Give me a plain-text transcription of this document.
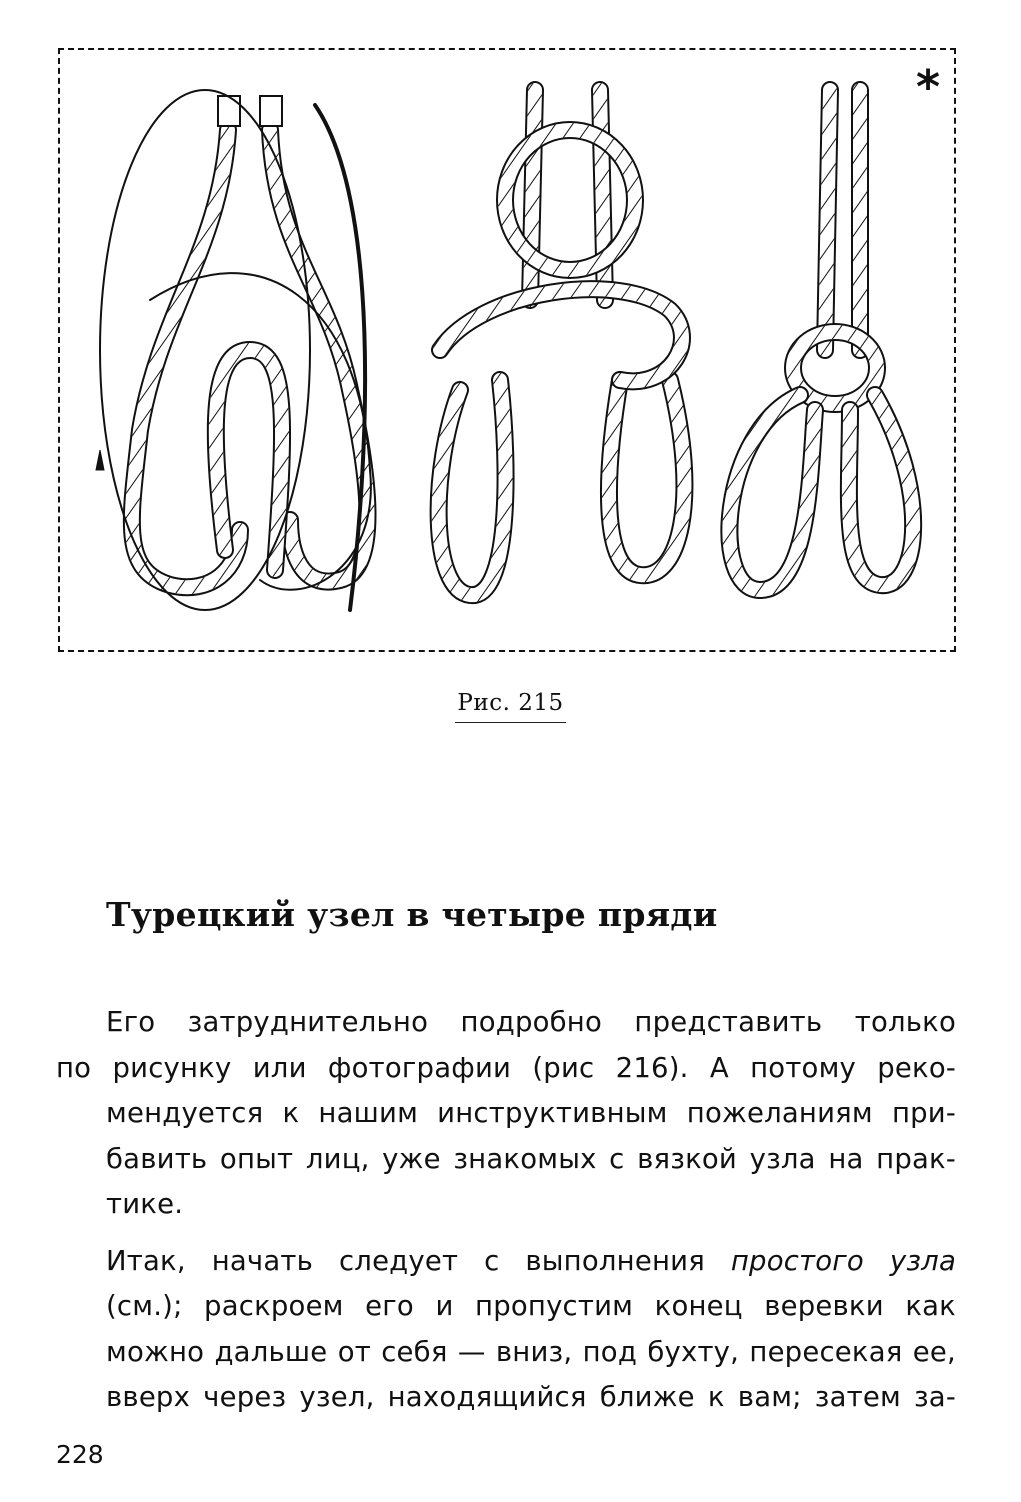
*
Рис. 215
Турецкий узел в четыре пряди

Его затруднительно подробно представить только
по рисунку или фотографии (рис 216). А потому реко-
мендуется к нашим инструктивным пожеланиям при-
бавить опыт лиц, уже знакомых с вязкой узла на прак-
тике.

Итак, начать следует с выполнения простого узла
(см.); раскроем его и пропустим конец веревки как
можно дальше от себя — вниз, под бухту, пересекая ее,
вверх через узел, находящийся ближе к вам; затем за-

228
